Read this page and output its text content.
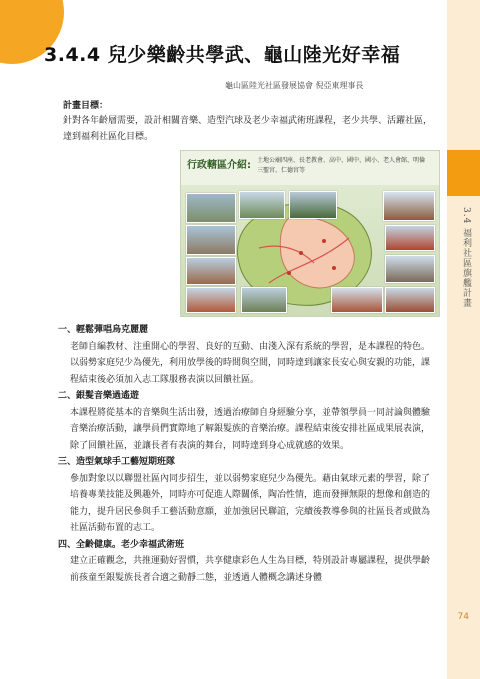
3.4 福利社區旗艦計畫
74
3.4.4 兒少樂齡共學武、龜山陸光好幸福
龜山區陸光社區發展協會 倪亞東理事長
計畫目標：
針對各年齡層需要，設計相關音樂、造型汽球及老少幸福武術班課程，老少共學、活躍社區，達到福利社區化目標。
行政轄區介紹: 土地公廟四座、長老教會、高中、國中、國小、老人會館、明倫三聖宮、仁德宮等
一、輕鬆彈唱烏克麗麗
老師自編教材、注重開心的學習、良好的互動、由淺入深有系統的學習，是本課程的特色。以弱勢家庭兒少為優先，利用放學後的時間與空間，同時達到讓家長安心與安親的功能，課程結束後必須加入志工隊服務表演以回饋社區。
二、銀髮音樂過遙遊
本課程將從基本的音樂與生活出發，透過治療師自身經驗分享，並帶領學員一同討論與體驗音樂治療活動，讓學員們實際地了解銀髮族的音樂治療。課程結束後安排社區成果展表演，除了回饋社區，並讓長者有表演的舞台，同時達到身心成就感的效果。
三、造型氣球手工藝短期班隊
參加對象以以聯盟社區內同步招生，並以弱勢家庭兒少為優先。藉由氣球元素的學習，除了培養專業技能及興趣外，同時亦可促進人際關係，陶冶性情，進而發揮無限的想像和創造的能力，提升居民參與手工藝活動意願，並加強居民聯誼，完續後教導參與的社區長者或做為社區活動布置的志工。
四、全齡健康。老少幸福武術班
建立正確觀念，共推運動好習慣，共享健康彩色人生為目標，特別設計專屬課程，提供學齡前孩童至銀髮族長者合適之動靜二態，並透過人體概念講述身體
